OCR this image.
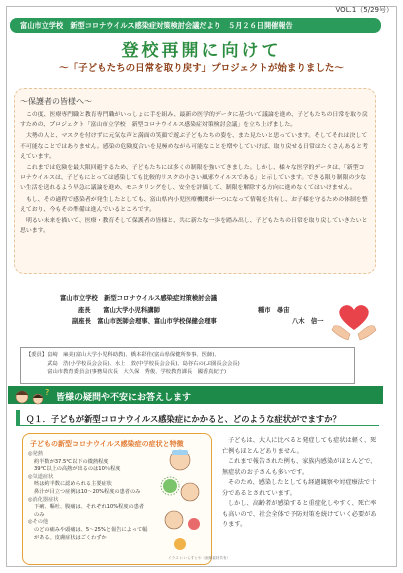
VOL.1（5/29号）
富山市立学校　新型コロナウイルス感染症対策検討会議だより　５月２６日開催報告
登校再開に向けて
～「子どもたちの日常を取り戻す」プロジェクトが始まりました～
～保護者の皆様へ～

この度、医療専門職と教育専門職がいっしょに手を組み、最新の医学的データに基づいて議論を進め、子どもたちの日常を取り戻すための、プロジェクト「富山市立学校　新型コロナウイルス感染症対策検討会議」を立ち上げました。

大勢の人と、マスクを付けずに元気な声と満面の笑顔で遊ぶ子どもたちの姿を、また見たいと思っています。そしてそれは決して不可能なことではありません。感染の危険度合いを見極めながら可能なことを増やしていけば、取り戻せる日常はたくさんあると考えています。

これまでは危険を最大限回避するため、子どもたちには多くの制限を強いてきました。しかし、様々な医学的データは、「新型コロナウイルスは、子どもにとっては感染しても比較的リスクの小さい風邪ウイルスである」と示しています。できる限り制限の少ない生活を送れるよう早急に議論を進め、モニタリングをし、安全を評価して、制限を解除する方向に進めなくてはいけません。

もし、その過程で感染者が発生したとしても、富山県内小児医療機関が一つになって情報を共有し、お子様を守るための体制を整えており、今もその準備は進んでいるところです。

明るい未来を描いて、医療・教育そして保護者の皆様と、共に新たな一歩を踏み出し、子どもたちの日常を取り戻していきたいと思います。

富山市立学校　新型コロナウイルス感染症対策検討会議
座長　　富山大学小児科講師	種市　尋宙
副座長　富山市医師会理事、富山市学校保健会理事	八木　信一
【委員】畠崎　麻美(富山大学小児科助教)、橋本彩佳(富山県保健所参事、医師)、
　　　　武島　浩(小学校長会会長)、水上　敦(中学校長会会長)、島谷右の(ぷ園長会会長)
　　　　富山市教育委員会(事務局次長　大久保　秀俊、学校教育課長　國香真紀子)
?
皆様の疑問や不安にお答えします
Ｑ１．子どもが新型コロナウイルス感染症にかかると、どのような症状がでますか？
子どもの新型コロナウイルス感染症の症状と特徴
◎発熱
約半数が37.5℃以下の微熱程度
39℃以上の高熱が出るのは10％程度
◎気道症状
咳は約半数に認められる主要症状
鼻汁が目立つ症例は10～20%程度の患者のみ
◎消化器症状
下痢、嘔吐、腹痛は、それぞれ10%程度の患者のみ
◎その他
のどの痛みや頭痛は、5～25%と報告によって幅がある。皮膚症状はごくわずか
イラスト:いらすとや（画像素材共有）

子どもは、大人に比べると発症しても症状は軽く、死亡例もほとんどありません。

これまで報告された例も、家族内感染がほとんどで、無症状のお子さんも多いです。

そのため、感染したとしても経過観察や対症療法で十分であるとされています。

しかし、高齢者が感染すると重症化しやすく、死亡率も高いので、社会全体で予防対策を続けていく必要があります。
